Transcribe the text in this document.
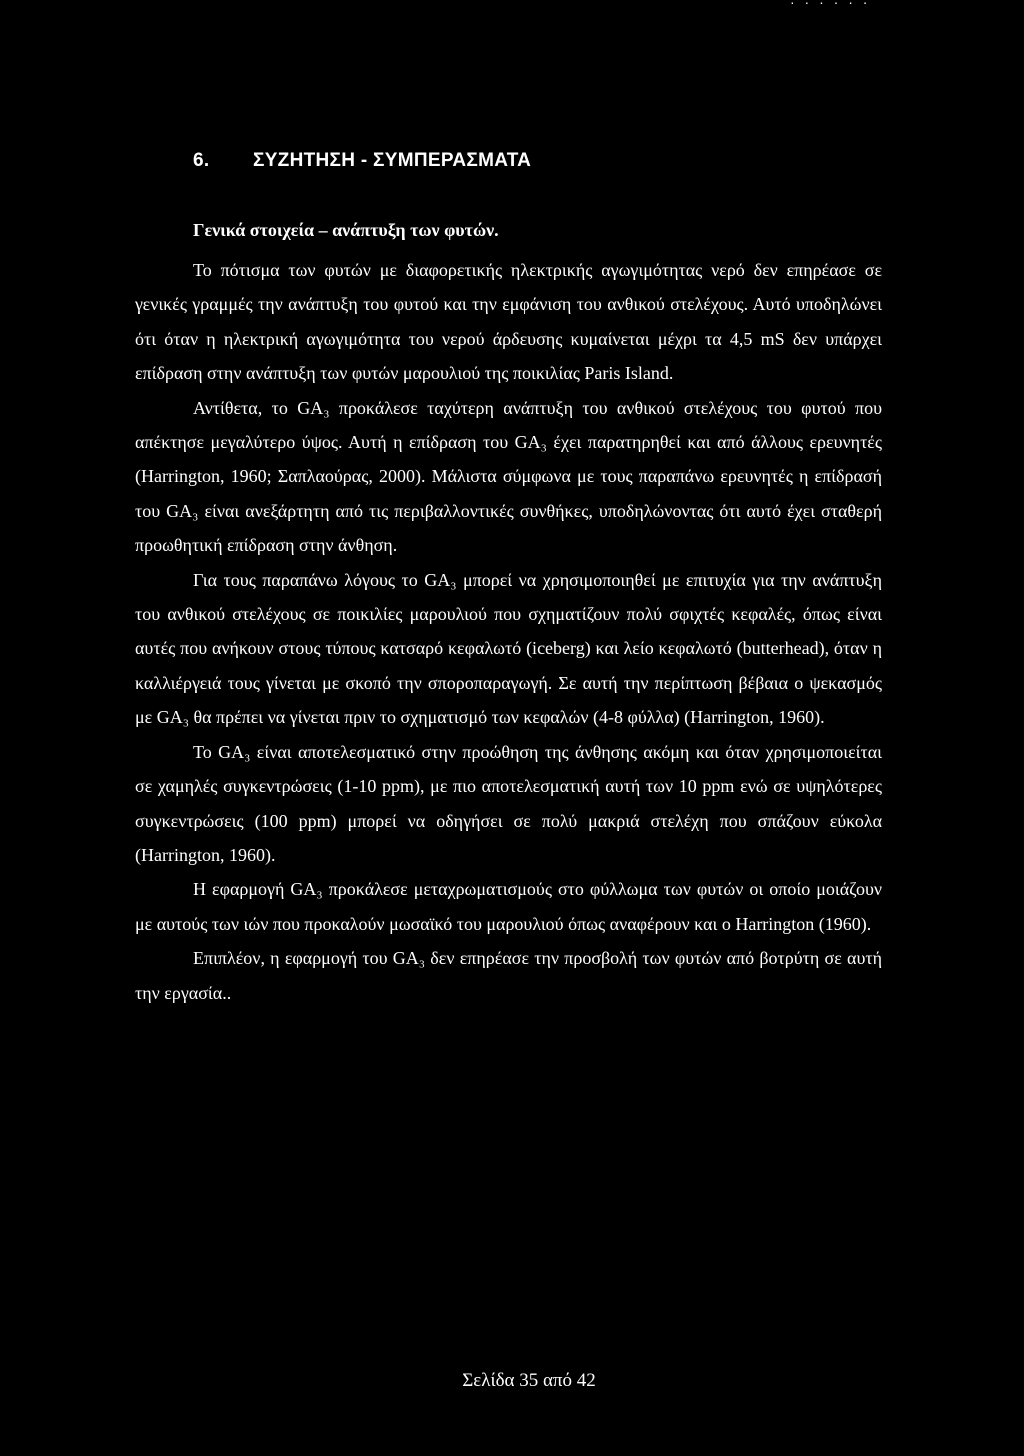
· · · · · ·
6. ΣΥΖΗΤΗΣΗ - ΣΥΜΠΕΡΑΣΜΑΤΑ
Γενικά στοιχεία – ανάπτυξη των φυτών.

Το πότισμα των φυτών με διαφορετικής ηλεκτρικής αγωγιμότητας νερό δεν επηρέασε σε γενικές γραμμές την ανάπτυξη του φυτού και την εμφάνιση του ανθικού στελέχους. Αυτό υποδηλώνει ότι όταν η ηλεκτρική αγωγιμότητα του νερού άρδευσης κυμαίνεται μέχρι τα 4,5 mS δεν υπάρχει επίδραση στην ανάπτυξη των φυτών μαρουλιού της ποικιλίας Paris Island.

Αντίθετα, το GA₃ προκάλεσε ταχύτερη ανάπτυξη του ανθικού στελέχους του φυτού που απέκτησε μεγαλύτερο ύψος. Αυτή η επίδραση του GA₃ έχει παρατηρηθεί και από άλλους ερευνητές (Harrington, 1960; Σαπλαούρας, 2000). Μάλιστα σύμφωνα με τους παραπάνω ερευνητές η επίδρασή του GA₃ είναι ανεξάρτητη από τις περιβαλλοντικές συνθήκες, υποδηλώνοντας ότι αυτό έχει σταθερή προωθητική επίδραση στην άνθηση.

Για τους παραπάνω λόγους το GA₃ μπορεί να χρησιμοποιηθεί με επιτυχία για την ανάπτυξη του ανθικού στελέχους σε ποικιλίες μαρουλιού που σχηματίζουν πολύ σφιχτές κεφαλές, όπως είναι αυτές που ανήκουν στους τύπους κατσαρό κεφαλωτό (iceberg) και λείο κεφαλωτό (butterhead), όταν η καλλιέργειά τους γίνεται με σκοπό την σποροπαραγωγή. Σε αυτή την περίπτωση βέβαια ο ψεκασμός με GA₃ θα πρέπει να γίνεται πριν το σχηματισμό των κεφαλών (4-8 φύλλα) (Harrington, 1960).

Το GA₃ είναι αποτελεσματικό στην προώθηση της άνθησης ακόμη και όταν χρησιμοποιείται σε χαμηλές συγκεντρώσεις (1-10 ppm), με πιο αποτελεσματική αυτή των 10 ppm ενώ σε υψηλότερες συγκεντρώσεις (100 ppm) μπορεί να οδηγήσει σε πολύ μακριά στελέχη που σπάζουν εύκολα (Harrington, 1960).

Η εφαρμογή GA₃ προκάλεσε μεταχρωματισμούς στο φύλλωμα των φυτών οι οποίο μοιάζουν με αυτούς των ιών που προκαλούν μωσαϊκό του μαρουλιού όπως αναφέρουν και ο Harrington (1960).

Επιπλέον, η εφαρμογή του GA₃ δεν επηρέασε την προσβολή των φυτών από βοτρύτη σε αυτή την εργασία..

Σελίδα 35 από 42
